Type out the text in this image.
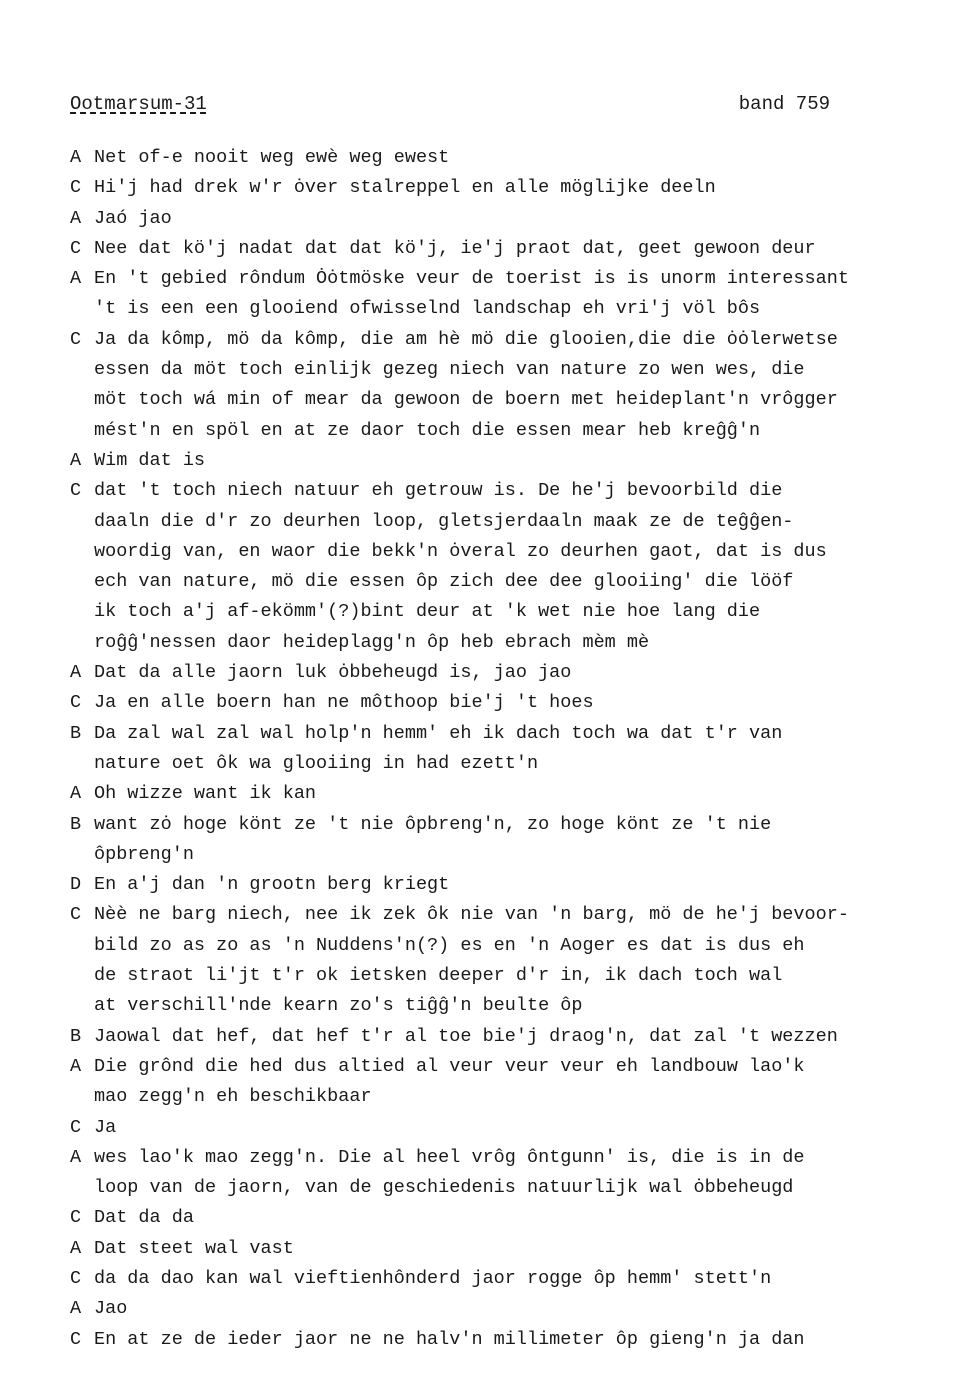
Ootmarsum-31	band 759
A Net of-e nooit weg ewè weg ewest
C Hi'j had drek w'r ȯver stalreppel en alle möglijke deeln
A Jaó jao
C Nee dat kö'j nadat dat dat kö'j, ie'j praot dat, geet gewoon deur
A En 't gebied rôndum Ȯȯtmöske veur de toerist is is unorm interessant
't is een een glooiend ofwisselnd landschap eh vri'j völ bôs
C Ja da kômp, mö da kômp, die am hè mö die glooien,die die ȯȯlerwetse
essen da möt toch einlijk gezeg niech van nature zo wen wes, die
möt toch wá min of mear da gewoon de boern met heideplant'n vrôgger
mést'n en spöl en at ze daor toch die essen mear heb kreĝĝ'n
A Wim dat is
C dat 't toch niech natuur eh getrouw is. De he'j bevoorbild die
daaln die d'r zo deurhen loop, gletsjerdaaln maak ze de teĝĝen-
woordig van, en waor die bekk'n ȯveral zo deurhen gaot, dat is dus
ech van nature, mö die essen ôp zich dee dee glooiing' die lööf
ik toch a'j af-ekömm'(?)bint deur at 'k wet nie hoe lang die
roĝĝ'nessen daor heideplagg'n ôp heb ebrach mèm mè
A Dat da alle jaorn luk ȯbbeheugd is, jao jao
C Ja en alle boern han ne môthoop bie'j 't hoes
B Da zal wal zal wal holp'n hemm' eh ik dach toch wa dat t'r van
nature oet ôk wa glooiing in had ezett'n
A Oh wizze want ik kan
B want zȯ hoge könt ze 't nie ôpbreng'n, zo hoge könt ze 't nie
ôpbreng'n
D En a'j dan 'n grootn berg kriegt
C Nèè ne barg niech, nee ik zek ôk nie van 'n barg, mö de he'j bevoor-
bild zo as zo as 'n Nuddens'n(?) es en 'n Aoger es dat is dus eh
de straot li'jt t'r ok ietsken deeper d'r in, ik dach toch wal
at verschill'nde kearn zo's tiĝĝ'n beulte ôp
B Jaowal dat hef, dat hef t'r al toe bie'j draog'n, dat zal 't wezzen
A Die grônd die hed dus altied al veur veur veur eh landbouw lao'k
mao zegg'n eh beschikbaar
C Ja
A wes lao'k mao zegg'n. Die al heel vrôg ôntgunn' is, die is in de
loop van de jaorn, van de geschiedenis natuurlijk wal ȯbbeheugd
C Dat da da
A Dat steet wal vast
C da da dao kan wal vieftienhônderd jaor rogge ôp hemm' stett'n
A Jao
C En at ze de ieder jaor ne ne halv'n millimeter ôp gieng'n ja dan
